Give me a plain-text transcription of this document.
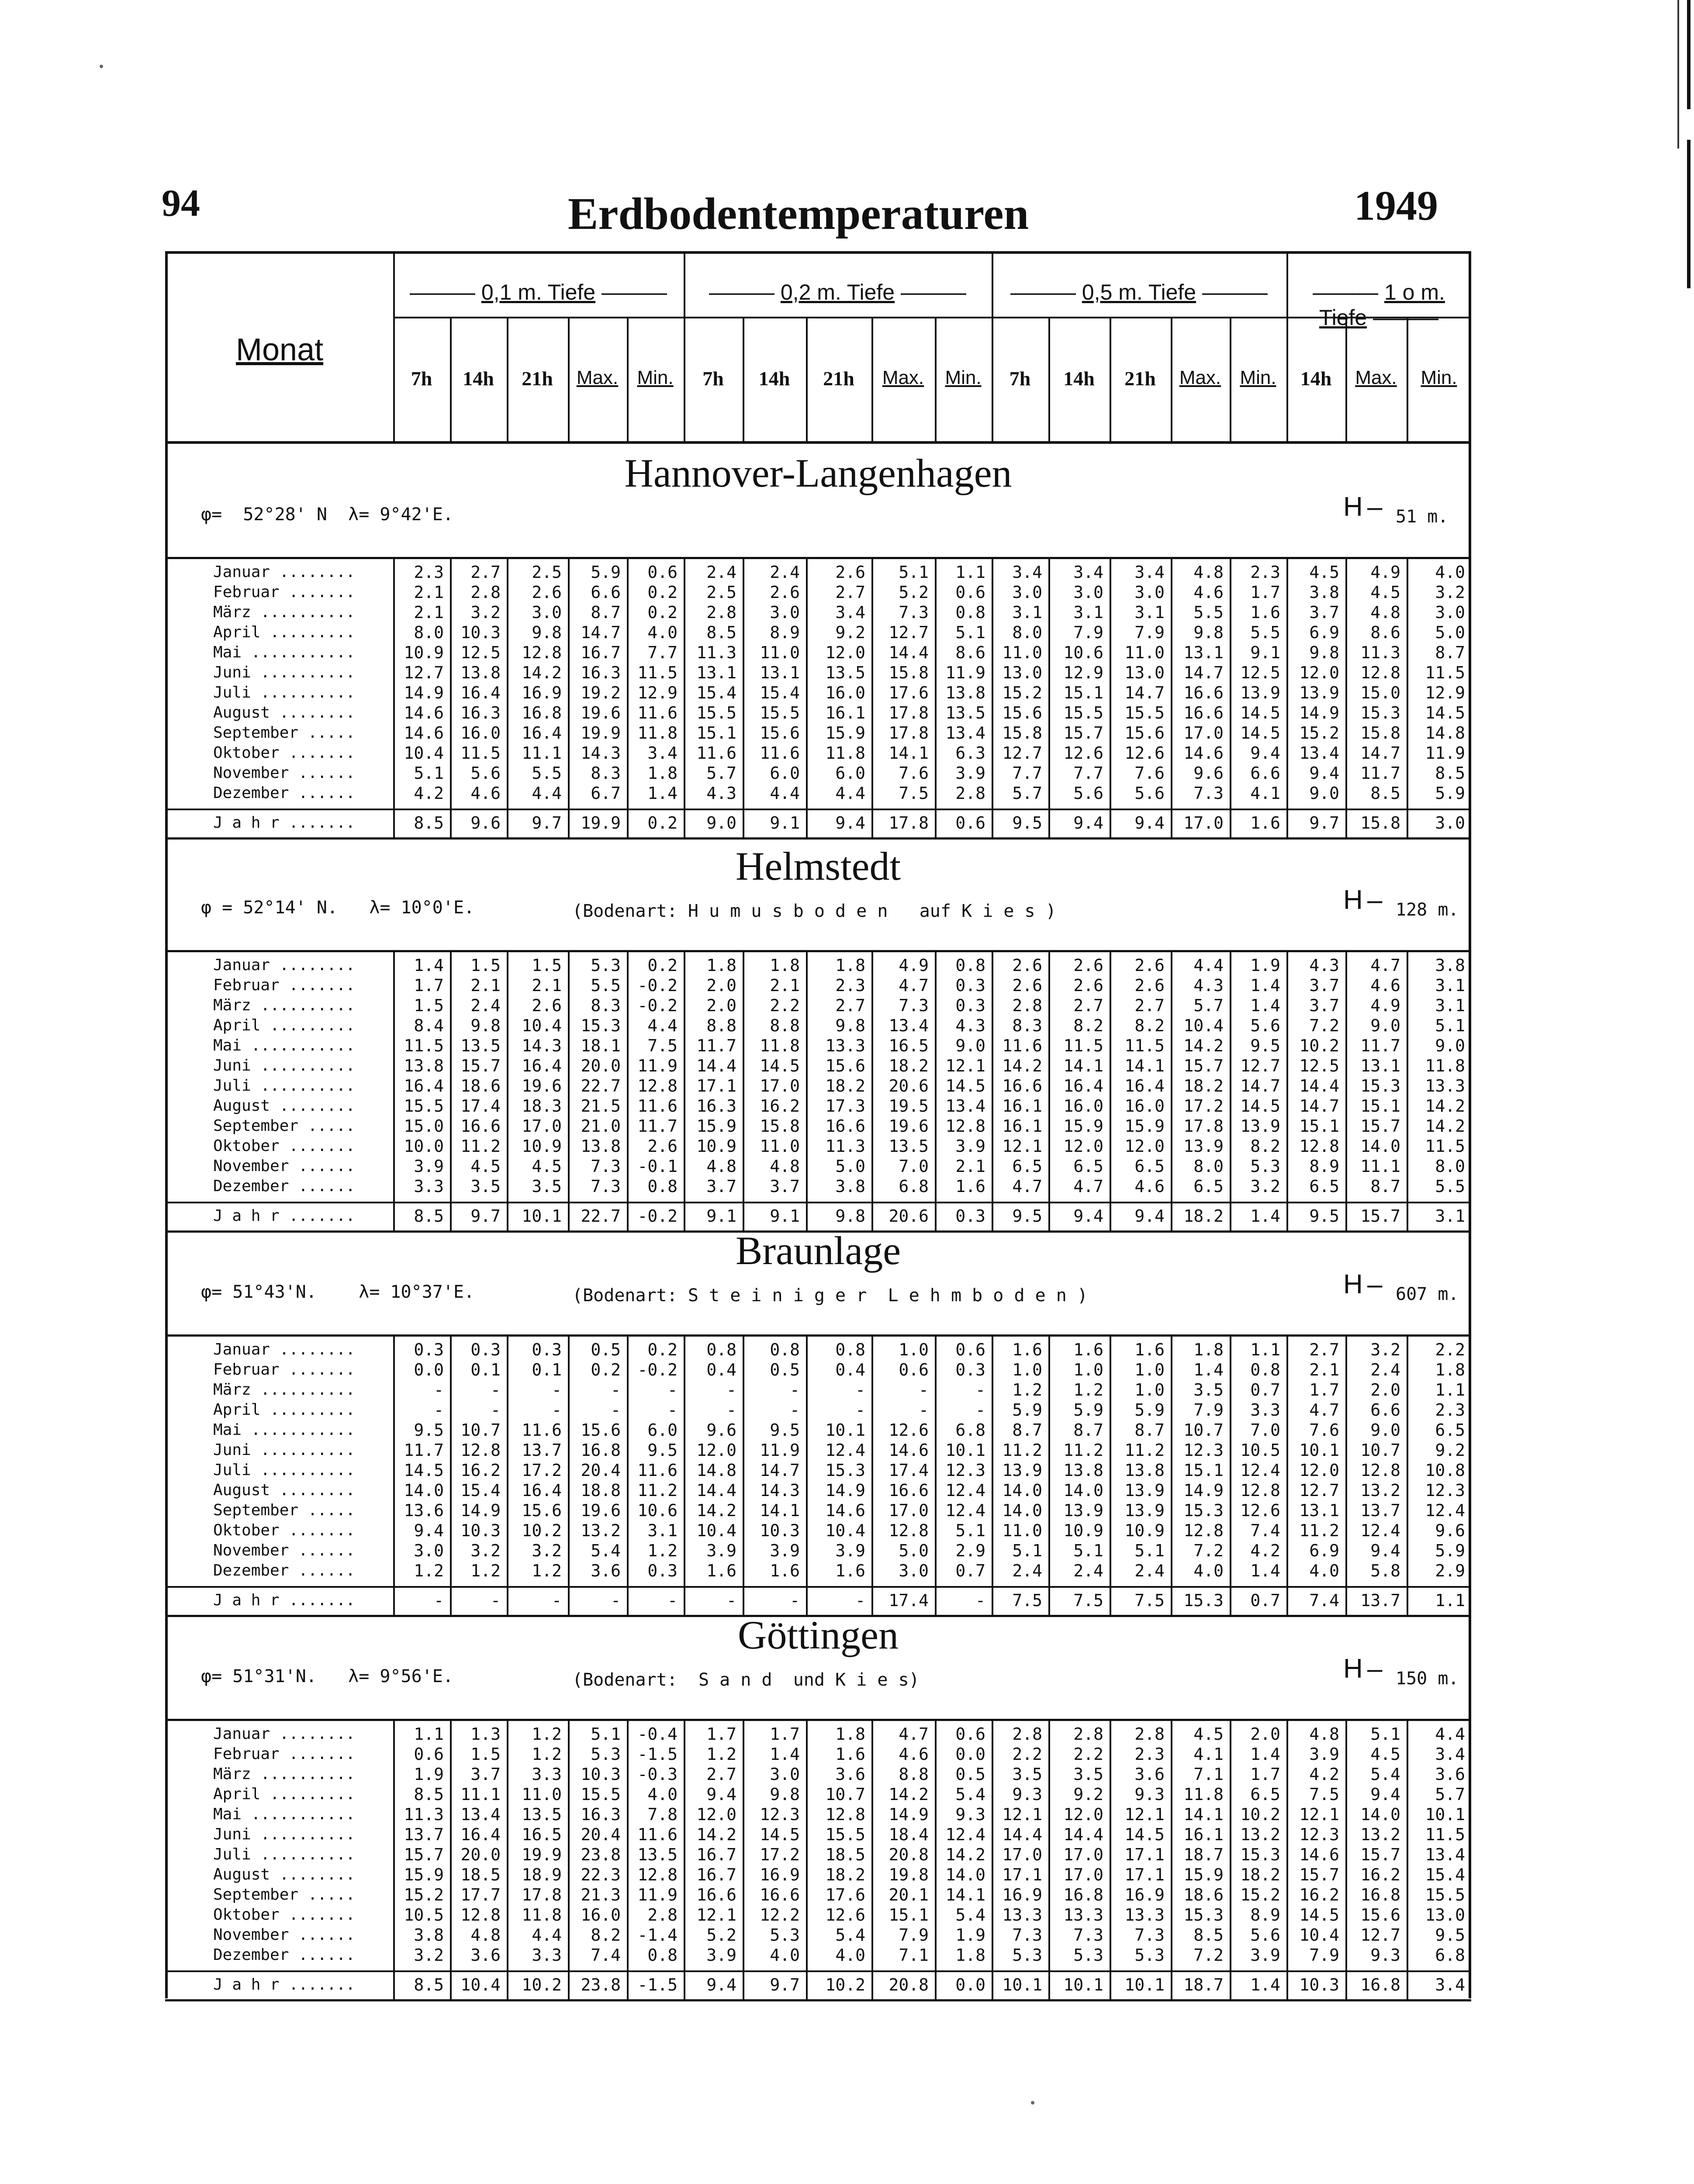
94	Erdbodentemperaturen	1949
Monat
——— 0,1 m. Tiefe ———	——— 0,2 m. Tiefe ———	——— 0,5 m. Tiefe ———	——— 1 o m. Tiefe ———
7h	14h	21h	Max. Min.	7h	14h	21h	Max.	Min.	7h	14h	21h	Max. Min.	14h	Max.	Min.
Hannover-Langenhagen
φ=  52°28' N  λ= 9°42'E.	H – 51 m.
Januar ........	2.3	2.7	2.5	5.9	0.6	2.4	2.4	2.6	5.1	1.1	3.4	3.4	3.4	4.8	2.3	4.5	4.9	4.0
Februar .......	2.1	2.8	2.6	6.6	0.2	2.5	2.6	2.7	5.2	0.6	3.0	3.0	3.0	4.6	1.7	3.8	4.5	3.2
März ..........	2.1	3.2	3.0	8.7	0.2	2.8	3.0	3.4	7.3	0.8	3.1	3.1	3.1	5.5	1.6	3.7	4.8	3.0
April .........	8.0	10.3	9.8	14.7	4.0	8.5	8.9	9.2	12.7	5.1	8.0	7.9	7.9	9.8	5.5	6.9	8.6	5.0
Mai ...........	10.9	12.5	12.8	16.7	7.7	11.3	11.0	12.0	14.4	8.6	11.0	10.6	11.0	13.1	9.1	9.8	11.3	8.7
Juni ..........	12.7	13.8	14.2	16.3	11.5	13.1	13.1	13.5	15.8	11.9	13.0	12.9	13.0	14.7	12.5	12.0	12.8	11.5
Juli ..........	14.9	16.4	16.9	19.2	12.9	15.4	15.4	16.0	17.6	13.8	15.2	15.1	14.7	16.6	13.9	13.9	15.0	12.9
August ........	14.6	16.3	16.8	19.6	11.6	15.5	15.5	16.1	17.8	13.5	15.6	15.5	15.5	16.6	14.5	14.9	15.3	14.5
September .....	14.6	16.0	16.4	19.9	11.8	15.1	15.6	15.9	17.8	13.4	15.8	15.7	15.6	17.0	14.5	15.2	15.8	14.8
Oktober .......	10.4	11.5	11.1	14.3	3.4	11.6	11.6	11.8	14.1	6.3	12.7	12.6	12.6	14.6	9.4	13.4	14.7	11.9
November ......	5.1	5.6	5.5	8.3	1.8	5.7	6.0	6.0	7.6	3.9	7.7	7.7	7.6	9.6	6.6	9.4	11.7	8.5
Dezember ......	4.2	4.6	4.4	6.7	1.4	4.3	4.4	4.4	7.5	2.8	5.7	5.6	5.6	7.3	4.1	9.0	8.5	5.9
J a h r .......	8.5	9.6	9.7	19.9	0.2	9.0	9.1	9.4	17.8	0.6	9.5	9.4	9.4	17.0	1.6	9.7	15.8	3.0
Helmstedt
φ = 52°14' N.   λ= 10°0'E.	(Bodenart: H u m u s b o d e n   auf K i e s )	H – 128 m.
Januar ........	1.4	1.5	1.5	5.3	0.2	1.8	1.8	1.8	4.9	0.8	2.6	2.6	2.6	4.4	1.9	4.3	4.7	3.8
Februar .......	1.7	2.1	2.1	5.5	-0.2	2.0	2.1	2.3	4.7	0.3	2.6	2.6	2.6	4.3	1.4	3.7	4.6	3.1
März ..........	1.5	2.4	2.6	8.3	-0.2	2.0	2.2	2.7	7.3	0.3	2.8	2.7	2.7	5.7	1.4	3.7	4.9	3.1
April .........	8.4	9.8	10.4	15.3	4.4	8.8	8.8	9.8	13.4	4.3	8.3	8.2	8.2	10.4	5.6	7.2	9.0	5.1
Mai ...........	11.5	13.5	14.3	18.1	7.5	11.7	11.8	13.3	16.5	9.0	11.6	11.5	11.5	14.2	9.5	10.2	11.7	9.0
Juni ..........	13.8	15.7	16.4	20.0	11.9	14.4	14.5	15.6	18.2	12.1	14.2	14.1	14.1	15.7	12.7	12.5	13.1	11.8
Juli ..........	16.4	18.6	19.6	22.7	12.8	17.1	17.0	18.2	20.6	14.5	16.6	16.4	16.4	18.2	14.7	14.4	15.3	13.3
August ........	15.5	17.4	18.3	21.5	11.6	16.3	16.2	17.3	19.5	13.4	16.1	16.0	16.0	17.2	14.5	14.7	15.1	14.2
September .....	15.0	16.6	17.0	21.0	11.7	15.9	15.8	16.6	19.6	12.8	16.1	15.9	15.9	17.8	13.9	15.1	15.7	14.2
Oktober .......	10.0	11.2	10.9	13.8	2.6	10.9	11.0	11.3	13.5	3.9	12.1	12.0	12.0	13.9	8.2	12.8	14.0	11.5
November ......	3.9	4.5	4.5	7.3	-0.1	4.8	4.8	5.0	7.0	2.1	6.5	6.5	6.5	8.0	5.3	8.9	11.1	8.0
Dezember ......	3.3	3.5	3.5	7.3	0.8	3.7	3.7	3.8	6.8	1.6	4.7	4.7	4.6	6.5	3.2	6.5	8.7	5.5
J a h r .......	8.5	9.7	10.1	22.7	-0.2	9.1	9.1	9.8	20.6	0.3	9.5	9.4	9.4	18.2	1.4	9.5	15.7	3.1
Braunlage
φ= 51°43'N.    λ= 10°37'E.	(Bodenart: S t e i n i g e r  L e h m b o d e n )	H – 607 m.
Januar ........	0.3	0.3	0.3	0.5	0.2	0.8	0.8	0.8	1.0	0.6	1.6	1.6	1.6	1.8	1.1	2.7	3.2	2.2
Februar .......	0.0	0.1	0.1	0.2	-0.2	0.4	0.5	0.4	0.6	0.3	1.0	1.0	1.0	1.4	0.8	2.1	2.4	1.8
März ..........	-	-	-	-	-	-	-	-	-	-	1.2	1.2	1.0	3.5	0.7	1.7	2.0	1.1
April .........	-	-	-	-	-	-	-	-	-	-	5.9	5.9	5.9	7.9	3.3	4.7	6.6	2.3
Mai ...........	9.5	10.7	11.6	15.6	6.0	9.6	9.5	10.1	12.6	6.8	8.7	8.7	8.7	10.7	7.0	7.6	9.0	6.5
Juni ..........	11.7	12.8	13.7	16.8	9.5	12.0	11.9	12.4	14.6	10.1	11.2	11.2	11.2	12.3	10.5	10.1	10.7	9.2
Juli ..........	14.5	16.2	17.2	20.4	11.6	14.8	14.7	15.3	17.4	12.3	13.9	13.8	13.8	15.1	12.4	12.0	12.8	10.8
August ........	14.0	15.4	16.4	18.8	11.2	14.4	14.3	14.9	16.6	12.4	14.0	14.0	13.9	14.9	12.8	12.7	13.2	12.3
September .....	13.6	14.9	15.6	19.6	10.6	14.2	14.1	14.6	17.0	12.4	14.0	13.9	13.9	15.3	12.6	13.1	13.7	12.4
Oktober .......	9.4	10.3	10.2	13.2	3.1	10.4	10.3	10.4	12.8	5.1	11.0	10.9	10.9	12.8	7.4	11.2	12.4	9.6
November ......	3.0	3.2	3.2	5.4	1.2	3.9	3.9	3.9	5.0	2.9	5.1	5.1	5.1	7.2	4.2	6.9	9.4	5.9
Dezember ......	1.2	1.2	1.2	3.6	0.3	1.6	1.6	1.6	3.0	0.7	2.4	2.4	2.4	4.0	1.4	4.0	5.8	2.9
J a h r .......	-	-	-	-	-	-	-	-	17.4	-	7.5	7.5	7.5	15.3	0.7	7.4	13.7	1.1
Göttingen
φ= 51°31'N.   λ= 9°56'E.	(Bodenart:  S a n d  und K i e s)	H – 150 m.
Januar ........	1.1	1.3	1.2	5.1	-0.4	1.7	1.7	1.8	4.7	0.6	2.8	2.8	2.8	4.5	2.0	4.8	5.1	4.4
Februar .......	0.6	1.5	1.2	5.3	-1.5	1.2	1.4	1.6	4.6	0.0	2.2	2.2	2.3	4.1	1.4	3.9	4.5	3.4
März ..........	1.9	3.7	3.3	10.3	-0.3	2.7	3.0	3.6	8.8	0.5	3.5	3.5	3.6	7.1	1.7	4.2	5.4	3.6
April .........	8.5	11.1	11.0	15.5	4.0	9.4	9.8	10.7	14.2	5.4	9.3	9.2	9.3	11.8	6.5	7.5	9.4	5.7
Mai ...........	11.3	13.4	13.5	16.3	7.8	12.0	12.3	12.8	14.9	9.3	12.1	12.0	12.1	14.1	10.2	12.1	14.0	10.1
Juni ..........	13.7	16.4	16.5	20.4	11.6	14.2	14.5	15.5	18.4	12.4	14.4	14.4	14.5	16.1	13.2	12.3	13.2	11.5
Juli ..........	15.7	20.0	19.9	23.8	13.5	16.7	17.2	18.5	20.8	14.2	17.0	17.0	17.1	18.7	15.3	14.6	15.7	13.4
August ........	15.9	18.5	18.9	22.3	12.8	16.7	16.9	18.2	19.8	14.0	17.1	17.0	17.1	15.9	18.2	15.7	16.2	15.4
September .....	15.2	17.7	17.8	21.3	11.9	16.6	16.6	17.6	20.1	14.1	16.9	16.8	16.9	18.6	15.2	16.2	16.8	15.5
Oktober .......	10.5	12.8	11.8	16.0	2.8	12.1	12.2	12.6	15.1	5.4	13.3	13.3	13.3	15.3	8.9	14.5	15.6	13.0
November ......	3.8	4.8	4.4	8.2	-1.4	5.2	5.3	5.4	7.9	1.9	7.3	7.3	7.3	8.5	5.6	10.4	12.7	9.5
Dezember ......	3.2	3.6	3.3	7.4	0.8	3.9	4.0	4.0	7.1	1.8	5.3	5.3	5.3	7.2	3.9	7.9	9.3	6.8
J a h r .......	8.5	10.4	10.2	23.8	-1.5	9.4	9.7	10.2	20.8	0.0	10.1	10.1	10.1	18.7	1.4	10.3	16.8	3.4
